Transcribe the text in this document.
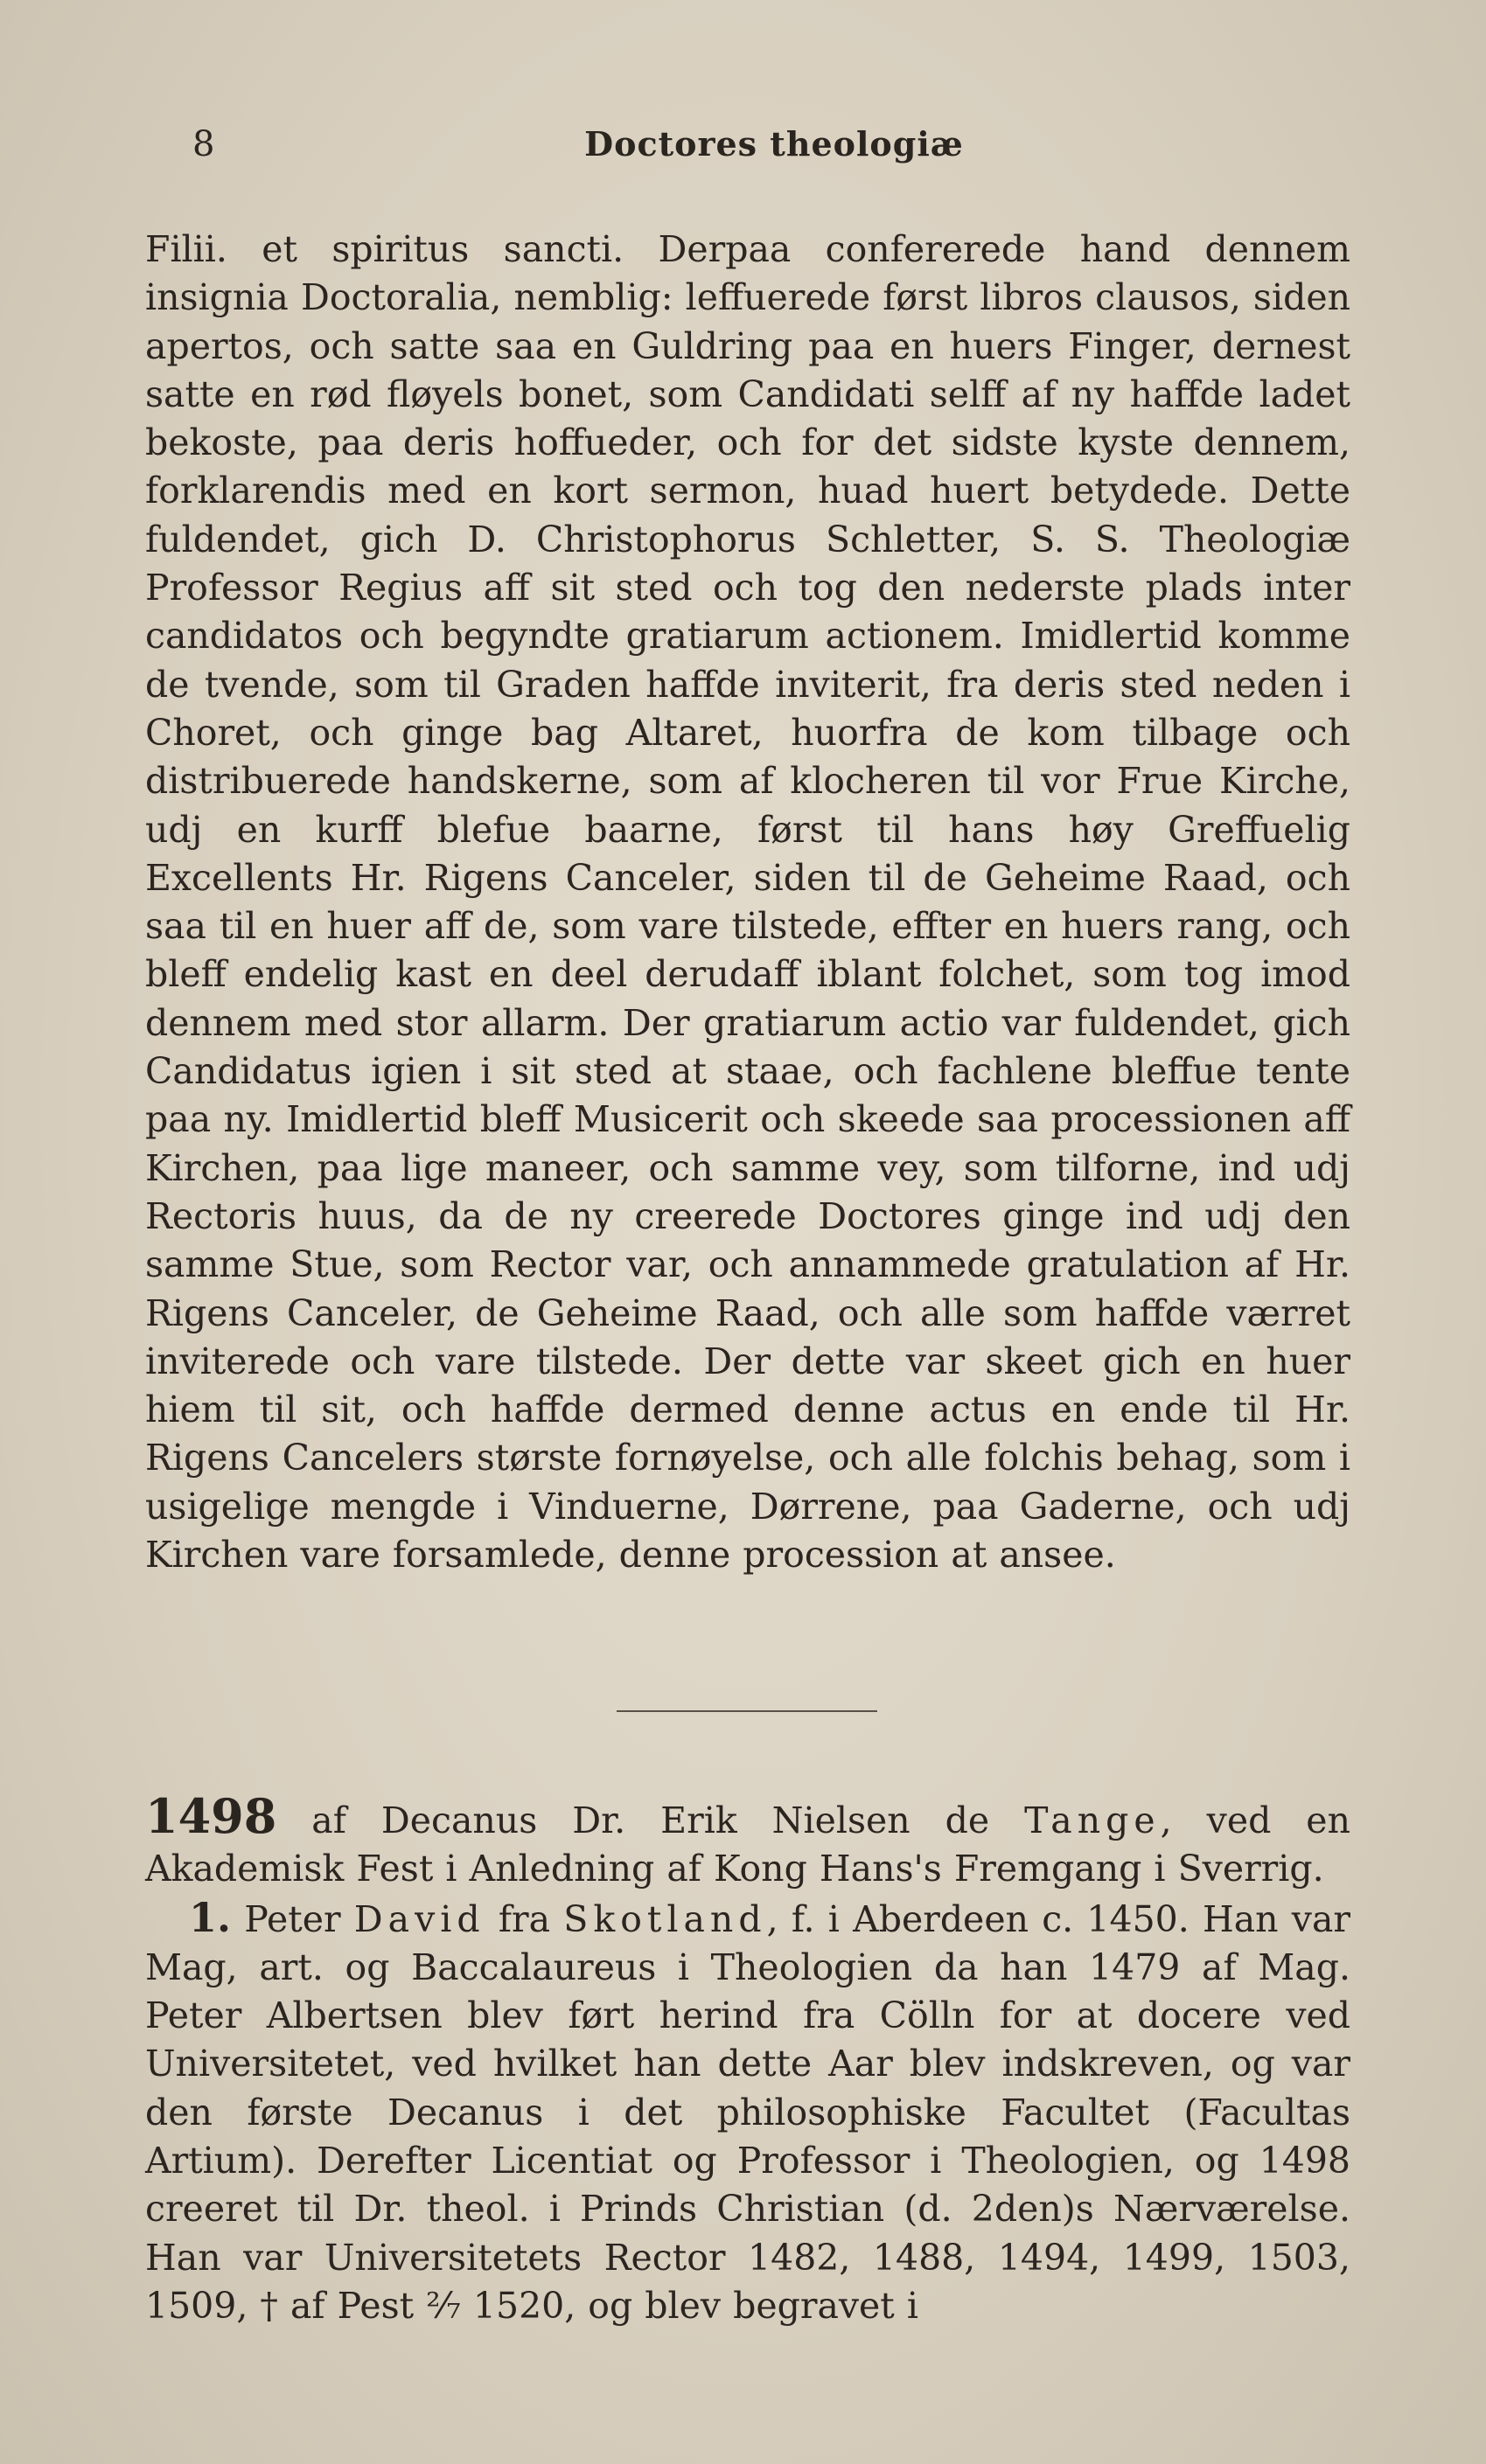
8	Doctores theologiæ

Filii. et spiritus sancti. Derpaa confererede hand dennem insignia Doctoralia, nemblig: leffuerede først libros clausos, siden apertos, och satte saa en Guldring paa en huers Finger, dernest satte en rød fløyels bonet, som Candidati selff af ny haffde ladet bekoste, paa deris hoffueder, och for det sidste kyste dennem, forklarendis med en kort sermon, huad huert betydede. Dette fuldendet, gich D. Christophorus Schletter, S. S. Theologiæ Professor Regius aff sit sted och tog den nederste plads inter candidatos och begyndte gratiarum actionem. Imidlertid komme de tvende, som til Graden haffde inviterit, fra deris sted neden i Choret, och ginge bag Altaret, huorfra de kom tilbage och distribuerede handskerne, som af klocheren til vor Frue Kirche, udj en kurff blefue baarne, først til hans høy Greffuelig Excellents Hr. Rigens Canceler, siden til de Geheime Raad, och saa til en huer aff de, som vare tilstede, effter en huers rang, och bleff endelig kast en deel derudaff iblant folchet, som tog imod dennem med stor allarm. Der gratiarum actio var fuldendet, gich Candidatus igien i sit sted at staae, och fachlene bleffue tente paa ny. Imidlertid bleff Musicerit och skeede saa processionen aff Kirchen, paa lige maneer, och samme vey, som tilforne, ind udj Rectoris huus, da de ny creerede Doctores ginge ind udj den samme Stue, som Rector var, och annammede gratulation af Hr. Rigens Canceler, de Geheime Raad, och alle som haffde værret inviterede och vare tilstede. Der dette var skeet gich en huer hiem til sit, och haffde dermed denne actus en ende til Hr. Rigens Cancelers største fornøyelse, och alle folchis behag, som i usigelige mengde i Vinduerne, Dørrene, paa Gaderne, och udj Kirchen vare forsamlede, denne procession at ansee.

1498 af Decanus Dr. Erik Nielsen de Tange, ved en Akademisk Fest i Anledning af Kong Hans's Fremgang i Sverrig.

1. Peter David fra Skotland, f. i Aberdeen c. 1450. Han var Mag, art. og Baccalaureus i Theologien da han 1479 af Mag. Peter Albertsen blev ført herind fra Cölln for at docere ved Universitetet, ved hvilket han dette Aar blev indskreven, og var den første Decanus i det philosophiske Facultet (Facultas Artium). Derefter Licentiat og Professor i Theologien, og 1498 creeret til Dr. theol. i Prinds Christian (d. 2den)s Nærværelse. Han var Universitetets Rector 1482, 1488, 1494, 1499, 1503, 1509, † af Pest ²⁄₇ 1520, og blev begravet i
